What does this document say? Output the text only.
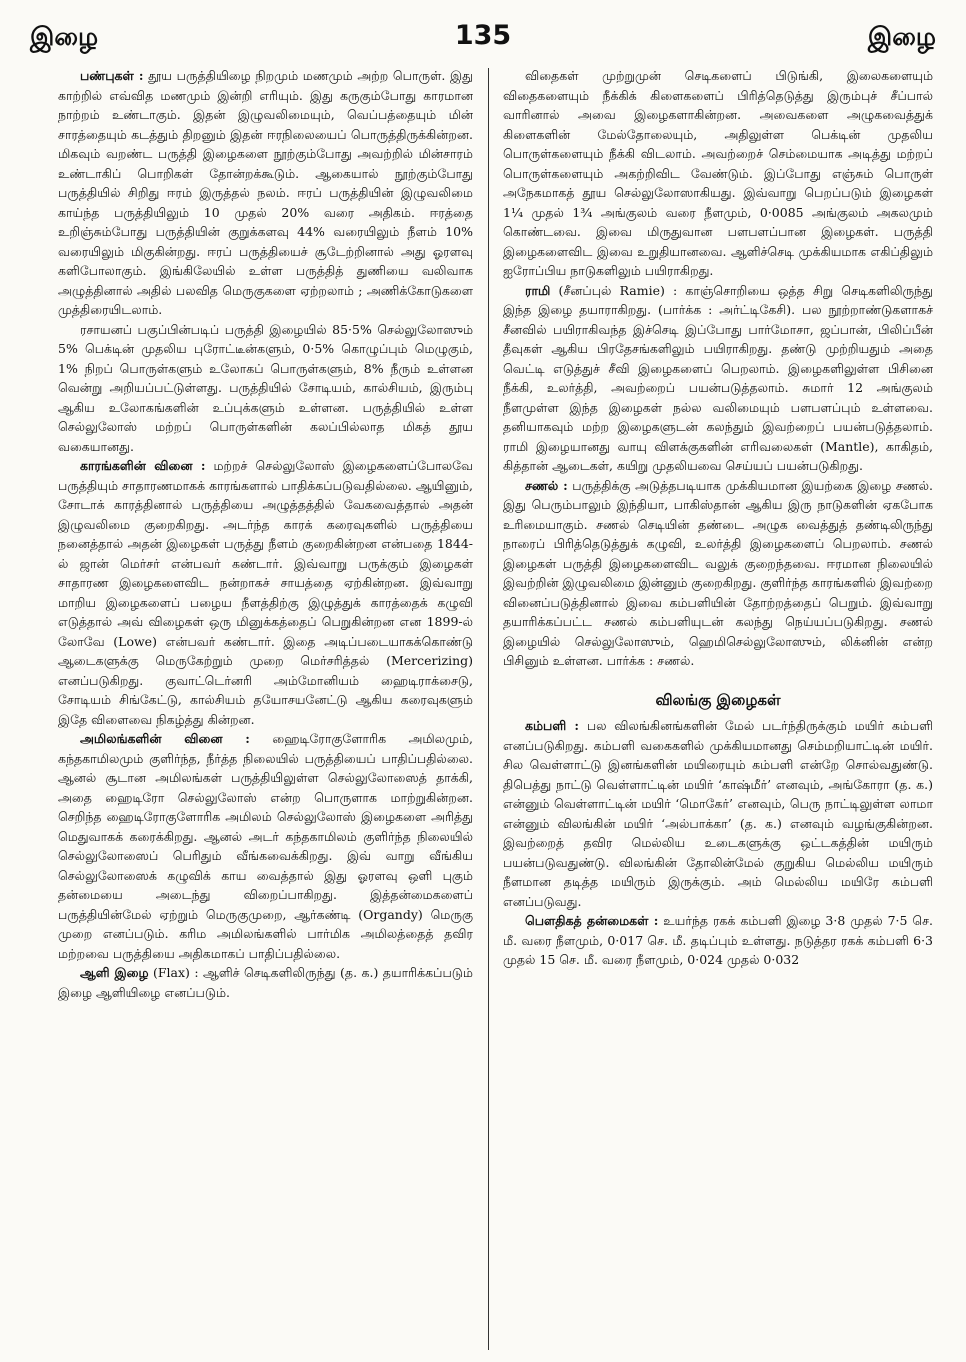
இழை	135	இழை

பண்புகள் : தூய பருத்தியிழை நிறமும் மணமும் அற்ற பொருள். இது காற்றில் எவ்வித மணமும் இன்றி எரியும். இது கருகும்போது காரமான நாற்றம் உண்டாகும். இதன் இழுவலிமையும், வெப்பத்தையும் மின் சாரத்தையும் கடத்தும் திறனும் இதன் ஈரநிலையைப் பொருத்திருக்கின்றன. மிகவும் வறண்ட பருத்தி இழைகளை நூற்கும்போது அவற்றில் மின்சாரம் உண்டாகிப் பொறிகள் தோன்றக்கூடும். ஆகையால் நூற்கும்போது பருத்தியில் சிறிது ஈரம் இருத்தல் நலம். ஈரப் பருத்தியின் இழுவலிமை காய்ந்த பருத்தியிலும் 10 முதல் 20% வரை அதிகம். ஈரத்தை உறிஞ்சும்போது பருத்தியின் குறுக்களவு 44% வரையிலும் நீளம் 10% வரையிலும் மிகுகின்றது. ஈரப் பருத்தியைச் சூடேற்றினால் அது ஓரளவு களிபோலாகும். இங்கிலேயில் உள்ள பருத்தித் துணியை வலிவாக அழுத்தினால் அதில் பலவித மெருகுகளை ஏற்றலாம் ; அணிக்கோடுகளை முத்திரையிடலாம்.

ரசாயனப் பகுப்பின்படிப் பருத்தி இழையில் 85·5% செல்லுலோஸும் 5% பெக்டின் முதலிய புரோட்டீன்களும், 0·5% கொழுப்பும் மெழுகும், 1% நிறப் பொருள்களும் உலோகப் பொருள்களும், 8% நீரும் உள்ளன வென்று அறியப்பட்டுள்ளது. பருத்தியில் சோடியம், கால்சியம், இரும்பு ஆகிய உலோகங்களின் உப்புக்களும் உள்ளன. பருத்தியில் உள்ள செல்லுலோஸ் மற்றப் பொருள்களின் கலப்பில்லாத மிகத் தூய வகையானது.

காரங்களின் வினை : மற்றச் செல்லுலோஸ் இழைகளைப்போலவே பருத்தியும் சாதாரணமாகக் காரங்களால் பாதிக்கப்படுவதில்லை. ஆயினும், சோடாக் காரத்தினால் பருத்தியை அழுத்தத்தில் வேகவைத்தால் அதன் இழுவலிமை குறைகிறது. அடர்ந்த காரக் கரைவுகளில் பருத்தியை நனைத்தால் அதன் இழைகள் பருத்து நீளம் குறைகின்றன என்பதை 1844-ல் ஜான் மெர்சர் என்பவர் கண்டார். இவ்வாறு பருக்கும் இழைகள் சாதாரண இழைகளைவிட நன்றாகச் சாயத்தை ஏற்கின்றன. இவ்வாறு மாறிய இழைகளைப் பழைய நீளத்திற்கு இழுத்துக் காரத்தைக் கழுவி எடுத்தால் அவ் விழைகள் ஒரு மினுக்கத்தைப் பெறுகின்றன என 1899-ல் லோவே (Lowe) என்பவர் கண்டார். இதை அடிப்படையாகக்கொண்டு ஆடைகளுக்கு மெருகேற்றும் முறை மெர்சரித்தல் (Mercerizing) எனப்படுகிறது. குவாட்டெர்னரி அம்மோனியம் ஹைடிராக்சைடு, சோடியம் சிங்கேட்டு, கால்சியம் தயோசயனேட்டு ஆகிய கரைவுகளும் இதே விளைவை நிகழ்த்து கின்றன.

அமிலங்களின் வினை : ஹைடிரோகுளோரிக அமிலமும், கந்தகாமிலமும் குளிர்ந்த, நீர்த்த நிலையில் பருத்தியைப் பாதிப்பதில்லை. ஆனல் சூடான அமிலங்கள் பருத்தியிலுள்ள செல்லுலோஸைத் தாக்கி, அதை ஹைடிரோ செல்லுலோஸ் என்ற பொருளாக மாற்றுகின்றன. செறிந்த ஹைடிரோகுளோரிக அமிலம் செல்லுலோஸ் இழைகளை அரித்து மெதுவாகக் கரைக்கிறது. ஆனல் அடர் கந்தகாமிலம் குளிர்ந்த நிலையில் செல்லுலோஸைப் பெரிதும் வீங்கவைக்கிறது. இவ் வாறு வீங்கிய செல்லுலோஸைக் கழுவிக் காய வைத்தால் இது ஓரளவு ஒளி புகும் தன்மையை அடைந்து விறைப்பாகிறது. இத்தன்மைகளைப் பருத்தியின்மேல் ஏற்றும் மெருகுமுறை, ஆர்கண்டி (Organdy) மெருகு முறை எனப்படும். கரிம அமிலங்களில் பார்மிக அமிலத்தைத் தவிர மற்றவை பருத்தியை அதிகமாகப் பாதிப்பதில்லை.

ஆளி இழை (Flax) : ஆளிச் செடிகளிலிருந்து (த. க.) தயாரிக்கப்படும் இழை ஆளியிழை எனப்படும்.

விதைகள் முற்றுமுன் செடிகளைப் பிடுங்கி, இலைகளையும் விதைகளையும் நீக்கிக் கிளைகளைப் பிரித்தெடுத்து இரும்புச் சீப்பால் வாரினால் அவை இழைகளாகின்றன. அவைகளை அழுகவைத்துக் கிளைகளின் மேல்தோலையும், அதிலுள்ள பெக்டின் முதலிய பொருள்களையும் நீக்கி விடலாம். அவற்றைச் செம்மையாக அடித்து மற்றப் பொருள்களையும் அகற்றிவிட வேண்டும். இப்போது எஞ்சும் பொருள் அநேகமாகத் தூய செல்லுலோஸாகியது. இவ்வாறு பெறப்படும் இழைகள் 1¼ முதல் 1¾ அங்குலம் வரை நீளமும், 0·0085 அங்குலம் அகலமும் கொண்டவை. இவை மிருதுவான பளபளப்பான இழைகள். பருத்தி இழைகளைவிட இவை உறுதியானவை. ஆளிச்செடி முக்கியமாக எகிப்திலும் ஐரோப்பிய நாடுகளிலும் பயிராகிறது.

ராமி (சீனப்புல் Ramie) : காஞ்சொறியை ஒத்த சிறு செடிகளிலிருந்து இந்த இழை தயாராகிறது. (பார்க்க : அர்ட்டிகேசி). பல நூற்றாண்டுகளாகச் சீனவில் பயிராகிவந்த இச்செடி இப்போது பார்மோசா, ஜப்பான், பிலிப்பீன் தீவுகள் ஆகிய பிரதேசங்களிலும் பயிராகிறது. தண்டு முற்றியதும் அதை வெட்டி எடுத்துச் சீவி இழைகளைப் பெறலாம். இழைகளிலுள்ள பிசினை நீக்கி, உலர்த்தி, அவற்றைப் பயன்படுத்தலாம். சுமார் 12 அங்குலம் நீளமுள்ள இந்த இழைகள் நல்ல வலிமையும் பளபளப்பும் உள்ளவை. தனியாகவும் மற்ற இழைகளுடன் கலந்தும் இவற்றைப் பயன்படுத்தலாம். ராமி இழையானது வாயு விளக்குகளின் எரிவலைகள் (Mantle), காகிதம், கித்தான் ஆடைகள், கயிறு முதலியவை செய்யப் பயன்படுகிறது.

சணல் : பருத்திக்கு அடுத்தபடியாக முக்கியமான இயற்கை இழை சணல். இது பெரும்பாலும் இந்தியா, பாகிஸ்தான் ஆகிய இரு நாடுகளின் ஏகபோக உரிமையாகும். சணல் செடியின் தண்டை அழுக வைத்துத் தண்டிலிருந்து நாரைப் பிரித்தெடுத்துக் கழுவி, உலர்த்தி இழைகளைப் பெறலாம். சணல் இழைகள் பருத்தி இழைகளைவிட வலுக் குறைந்தவை. ஈரமான நிலையில் இவற்றின் இழுவலிமை இன்னும் குறைகிறது. குளிர்ந்த காரங்களில் இவற்றை வினைப்படுத்தினால் இவை கம்பளியின் தோற்றத்தைப் பெறும். இவ்வாறு தயாரிக்கப்பட்ட சணல் கம்பளியுடன் கலந்து நெய்யப்படுகிறது. சணல் இழையில் செல்லுலோஸும், ஹெமிசெல்லுலோஸும், லிக்னின் என்ற பிசினும் உள்ளன. பார்க்க : சணல்.

விலங்கு இழைகள்

கம்பளி : பல விலங்கினங்களின் மேல் படர்ந்திருக்கும் மயிர் கம்பளி எனப்படுகிறது. கம்பளி வகைகளில் முக்கியமானது செம்மறியாட்டின் மயிர். சில வெள்ளாட்டு இனங்களின் மயிரையும் கம்பளி என்றே சொல்வதுண்டு. திபெத்து நாட்டு வெள்ளாட்டின் மயிர் ‘காஷ்மீர்’ எனவும், அங்கோரா (த. க.) என்னும் வெள்ளாட்டின் மயிர் ‘மொகேர்’ எனவும், பெரு நாட்டிலுள்ள லாமா என்னும் விலங்கின் மயிர் ‘அல்பாக்கா’ (த. க.) எனவும் வழங்குகின்றன. இவற்றைத் தவிர மெல்லிய உடைகளுக்கு ஒட்டகத்தின் மயிரும் பயன்படுவதுண்டு. விலங்கின் தோலின்மேல் குறுகிய மெல்லிய மயிரும் நீளமான தடித்த மயிரும் இருக்கும். அம் மெல்லிய மயிரே கம்பளி எனப்படுவது.

பௌதிகத் தன்மைகள் : உயர்ந்த ரகக் கம்பளி இழை 3·8 முதல் 7·5 செ. மீ. வரை நீளமும், 0·017 செ. மீ. தடிப்பும் உள்ளது. நடுத்தர ரகக் கம்பளி 6·3 முதல் 15 செ. மீ. வரை நீளமும், 0·024 முதல் 0·032
